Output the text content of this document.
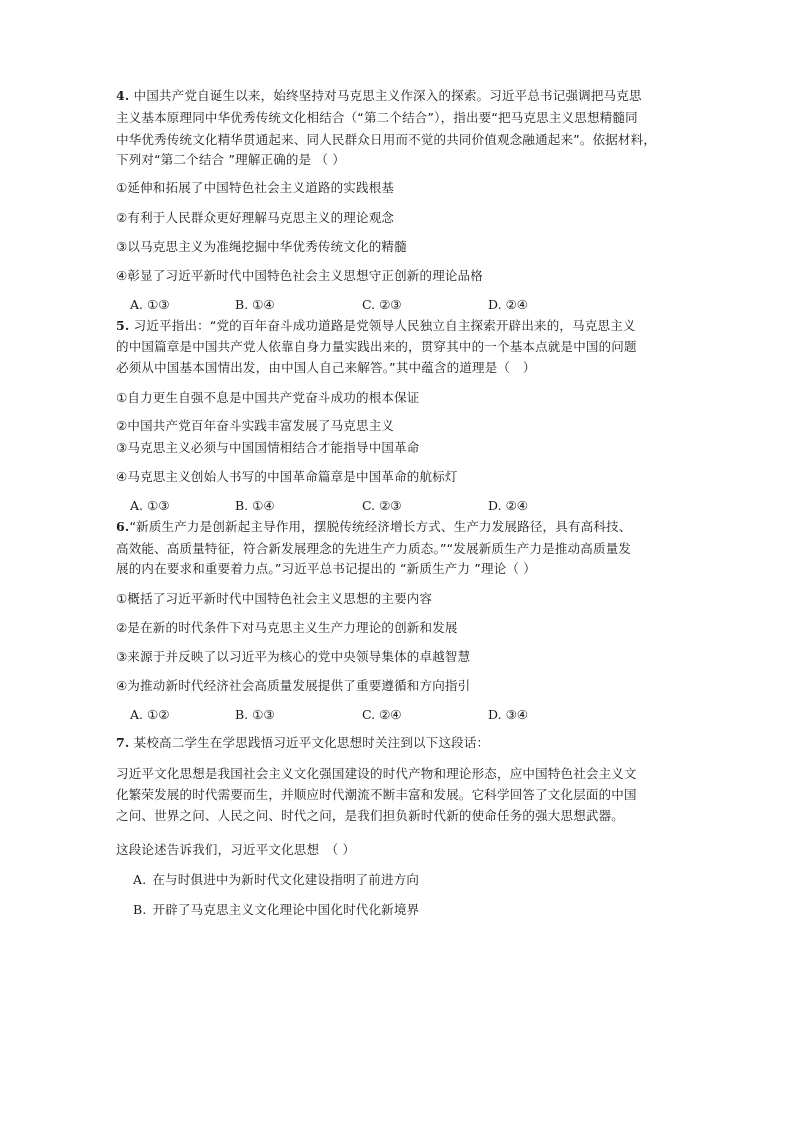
4. 中国共产党自诞生以来，始终坚持对马克思主义作深入的探索。习近平总书记强调把马克思
主义基本原理同中华优秀传统文化相结合（“第二个结合”），指出要“把马克思主义思想精髓同
中华优秀传统文化精华贯通起来、同人民群众日用而不觉的共同价值观念融通起来”。依据材料，
下列对“第二个结合 ”理解正确的是 （ ）
①延伸和拓展了中国特色社会主义道路的实践根基
②有利于人民群众更好理解马克思主义的理论观念
③以马克思主义为准绳挖掘中华优秀传统文化的精髓
④彰显了习近平新时代中国特色社会主义思想守正创新的理论品格
A. ①③	B. ①④	C. ②③	D. ②④
5. 习近平指出：“党的百年奋斗成功道路是党领导人民独立自主探索开辟出来的，马克思主义
的中国篇章是中国共产党人依靠自身力量实践出来的，贯穿其中的一个基本点就是中国的问题
必须从中国基本国情出发，由中国人自己来解答。”其中蕴含的道理是（　）
①自力更生自强不息是中国共产党奋斗成功的根本保证
②中国共产党百年奋斗实践丰富发展了马克思主义
③马克思主义必须与中国国情相结合才能指导中国革命
④马克思主义创始人书写的中国革命篇章是中国革命的航标灯
A. ①③	B. ①④	C. ②③	D. ②④
6.“新质生产力是创新起主导作用，摆脱传统经济增长方式、生产力发展路径，具有高科技、
高效能、高质量特征，符合新发展理念的先进生产力质态。”“发展新质生产力是推动高质量发
展的内在要求和重要着力点。”习近平总书记提出的 “新质生产力 ”理论（ ）
①概括了习近平新时代中国特色社会主义思想的主要内容
②是在新的时代条件下对马克思主义生产力理论的创新和发展
③来源于并反映了以习近平为核心的党中央领导集体的卓越智慧
④为推动新时代经济社会高质量发展提供了重要遵循和方向指引
A. ①②	B. ①③	C. ②④	D. ③④
7. 某校高二学生在学思践悟习近平文化思想时关注到以下这段话：
习近平文化思想是我国社会主义文化强国建设的时代产物和理论形态，应中国特色社会主义文
化繁荣发展的时代需要而生，并顺应时代潮流不断丰富和发展。它科学回答了文化层面的中国
之问、世界之问、人民之问、时代之问，是我们担负新时代新的使命任务的强大思想武器。
这段论述告诉我们，习近平文化思想　（ ）
A. 在与时俱进中为新时代文化建设指明了前进方向
B. 开辟了马克思主义文化理论中国化时代化新境界
